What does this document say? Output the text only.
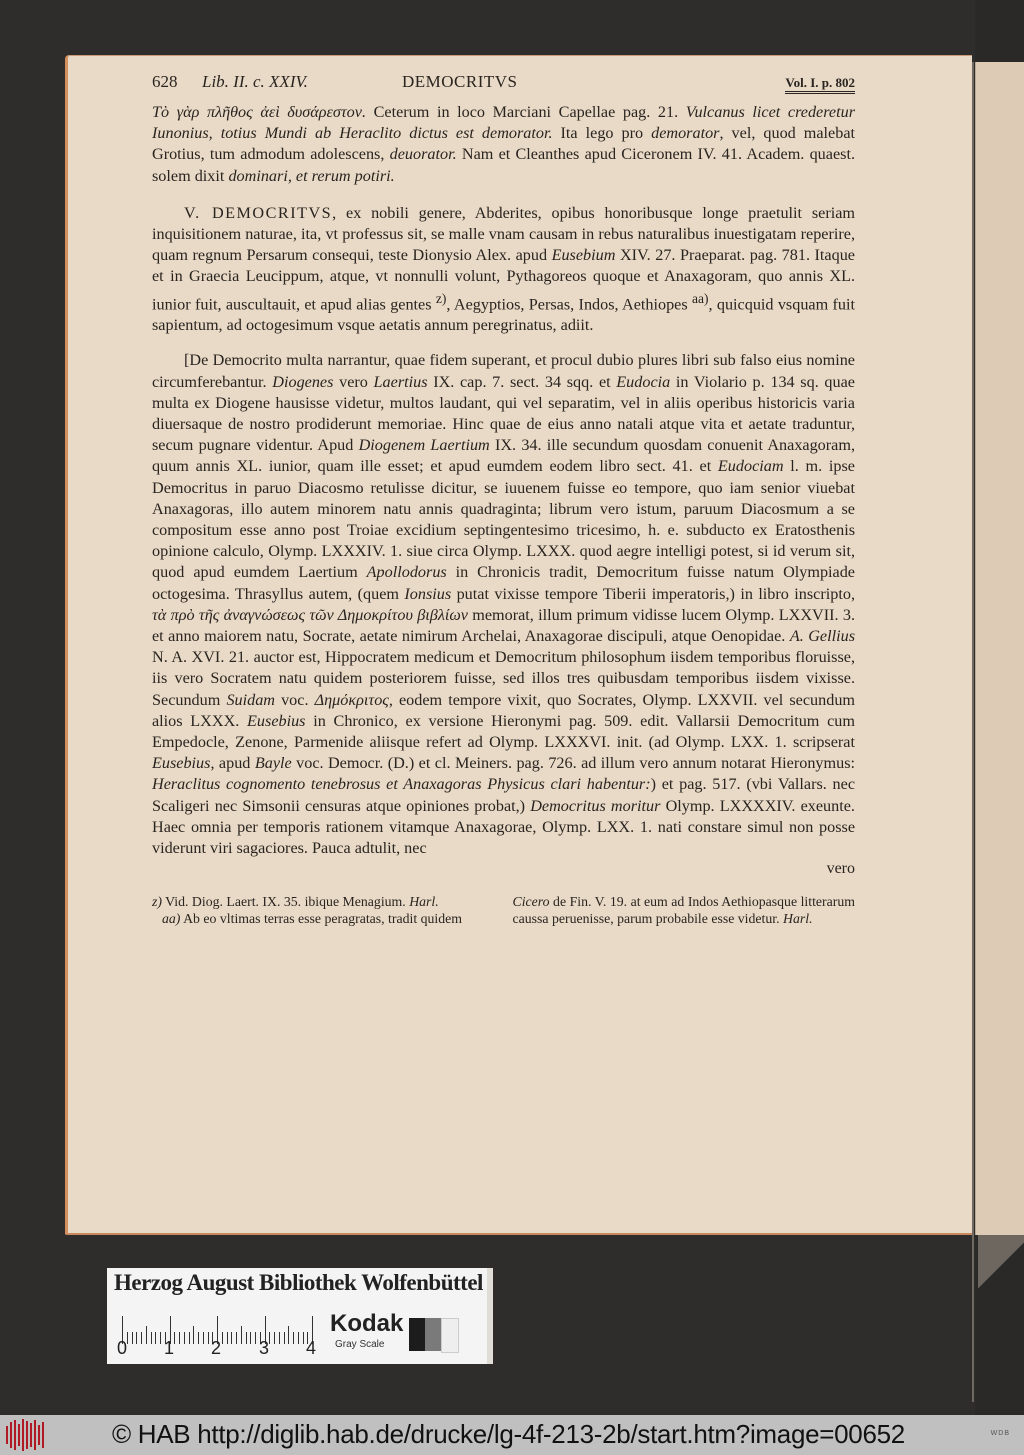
628	Lib. II. c. XXIV.	DEMOCRITVS	Vol. I. p. 802

Τὸ γὰρ πλῆθος ἀεὶ δυσάρεστον. Ceterum in loco Marciani Capellae pag. 21. Vulcanus licet crederetur Iunonius, totius Mundi ab Heraclito dictus est demorator. Ita lego pro demorator, vel, quod malebat Grotius, tum admodum adolescens, deuorator. Nam et Cleanthes apud Ciceronem IV. 41. Academ. quaest. solem dixit dominari, et rerum potiri.

V. DEMOCRITVS, ex nobili genere, Abderites, opibus honoribusque longe praetulit seriam inquisitionem naturae, ita, vt professus sit, se malle vnam causam in rebus naturalibus inuestigatam reperire, quam regnum Persarum consequi, teste Dionysio Alex. apud Eusebium XIV. 27. Praeparat. pag. 781. Itaque et in Graecia Leucippum, atque, vt nonnulli volunt, Pythagoreos quoque et Anaxagoram, quo annis XL. iunior fuit, auscultauit, et apud alias gentes $^{z)}$, Aegyptios, Persas, Indos, Aethiopes $^{aa)}$, quicquid vsquam fuit sapientum, ad octogesimum vsque aetatis annum peregrinatus, adiit.

[De Democrito multa narrantur, quae fidem superant, et procul dubio plures libri sub falso eius nomine circumferebantur. Diogenes vero Laertius IX. cap. 7. sect. 34 sqq. et Eudocia in Violario p. 134 sq. quae multa ex Diogene hausisse videtur, multos laudant, qui vel separatim, vel in aliis operibus historicis varia diuersaque de nostro prodiderunt memoriae. Hinc quae de eius anno natali atque vita et aetate traduntur, secum pugnare videntur. Apud Diogenem Laertium IX. 34. ille secundum quosdam conuenit Anaxagoram, quum annis XL. iunior, quam ille esset; et apud eumdem eodem libro sect. 41. et Eudociam l. m. ipse Democritus in paruo Diacosmo retulisse dicitur, se iuuenem fuisse eo tempore, quo iam senior viuebat Anaxagoras, illo autem minorem natu annis quadraginta; librum vero istum, paruum Diacosmum a se compositum esse anno post Troiae excidium septingentesimo tricesimo, h. e. subducto ex Eratosthenis opinione calculo, Olymp. LXXXIV. 1. siue circa Olymp. LXXX. quod aegre intelligi potest, si id verum sit, quod apud eumdem Laertium Apollodorus in Chronicis tradit, Democritum fuisse natum Olympiade octogesima. Thrasyllus autem, (quem Ionsius putat vixisse tempore Tiberii imperatoris,) in libro inscripto, τὰ πρὸ τῆς ἀναγνώσεως τῶν Δημοκρίτου βιβλίων memorat, illum primum vidisse lucem Olymp. LXXVII. 3. et anno maiorem natu, Socrate, aetate nimirum Archelai, Anaxagorae discipuli, atque Oenopidae. A. Gellius N. A. XVI. 21. auctor est, Hippocratem medicum et Democritum philosophum iisdem temporibus floruisse, iis vero Socratem natu quidem posteriorem fuisse, sed illos tres quibusdam temporibus iisdem vixisse. Secundum Suidam voc. Δημόκριτος, eodem tempore vixit, quo Socrates, Olymp. LXXVII. vel secundum alios LXXX. Eusebius in Chronico, ex versione Hieronymi pag. 509. edit. Vallarsii Democritum cum Empedocle, Zenone, Parmenide aliisque refert ad Olymp. LXXXVI. init. (ad Olymp. LXX. 1. scripserat Eusebius, apud Bayle voc. Democr. (D.) et cl. Meiners. pag. 726. ad illum vero annum notarat Hieronymus: Heraclitus cognomento tenebrosus et Anaxagoras Physicus clari habentur:) et pag. 517. (vbi Vallars. nec Scaligeri nec Simsonii censuras atque opiniones probat,) Democritus moritur Olymp. LXXXXIV. exeunte. Haec omnia per temporis rationem vitamque Anaxagorae, Olymp. LXX. 1. nati constare simul non posse viderunt viri sagaciores. Pauca adtulit, nec

vero
z) Vid. Diog. Laert. IX. 35. ibique Menagium. Harl.
aa) Ab eo vltimas terras esse peragratas, tradit quidem
Cicero de Fin. V. 19. at eum ad Indos Aethiopasque litterarum caussa peruenisse, parum probabile esse videtur. Harl.
Herzog August Bibliothek Wolfenbüttel
0 1 2 3 4
Kodak
Gray Scale
© HAB http://diglib.hab.de/drucke/lg-4f-213-2b/start.htm?image=00652	WDB
